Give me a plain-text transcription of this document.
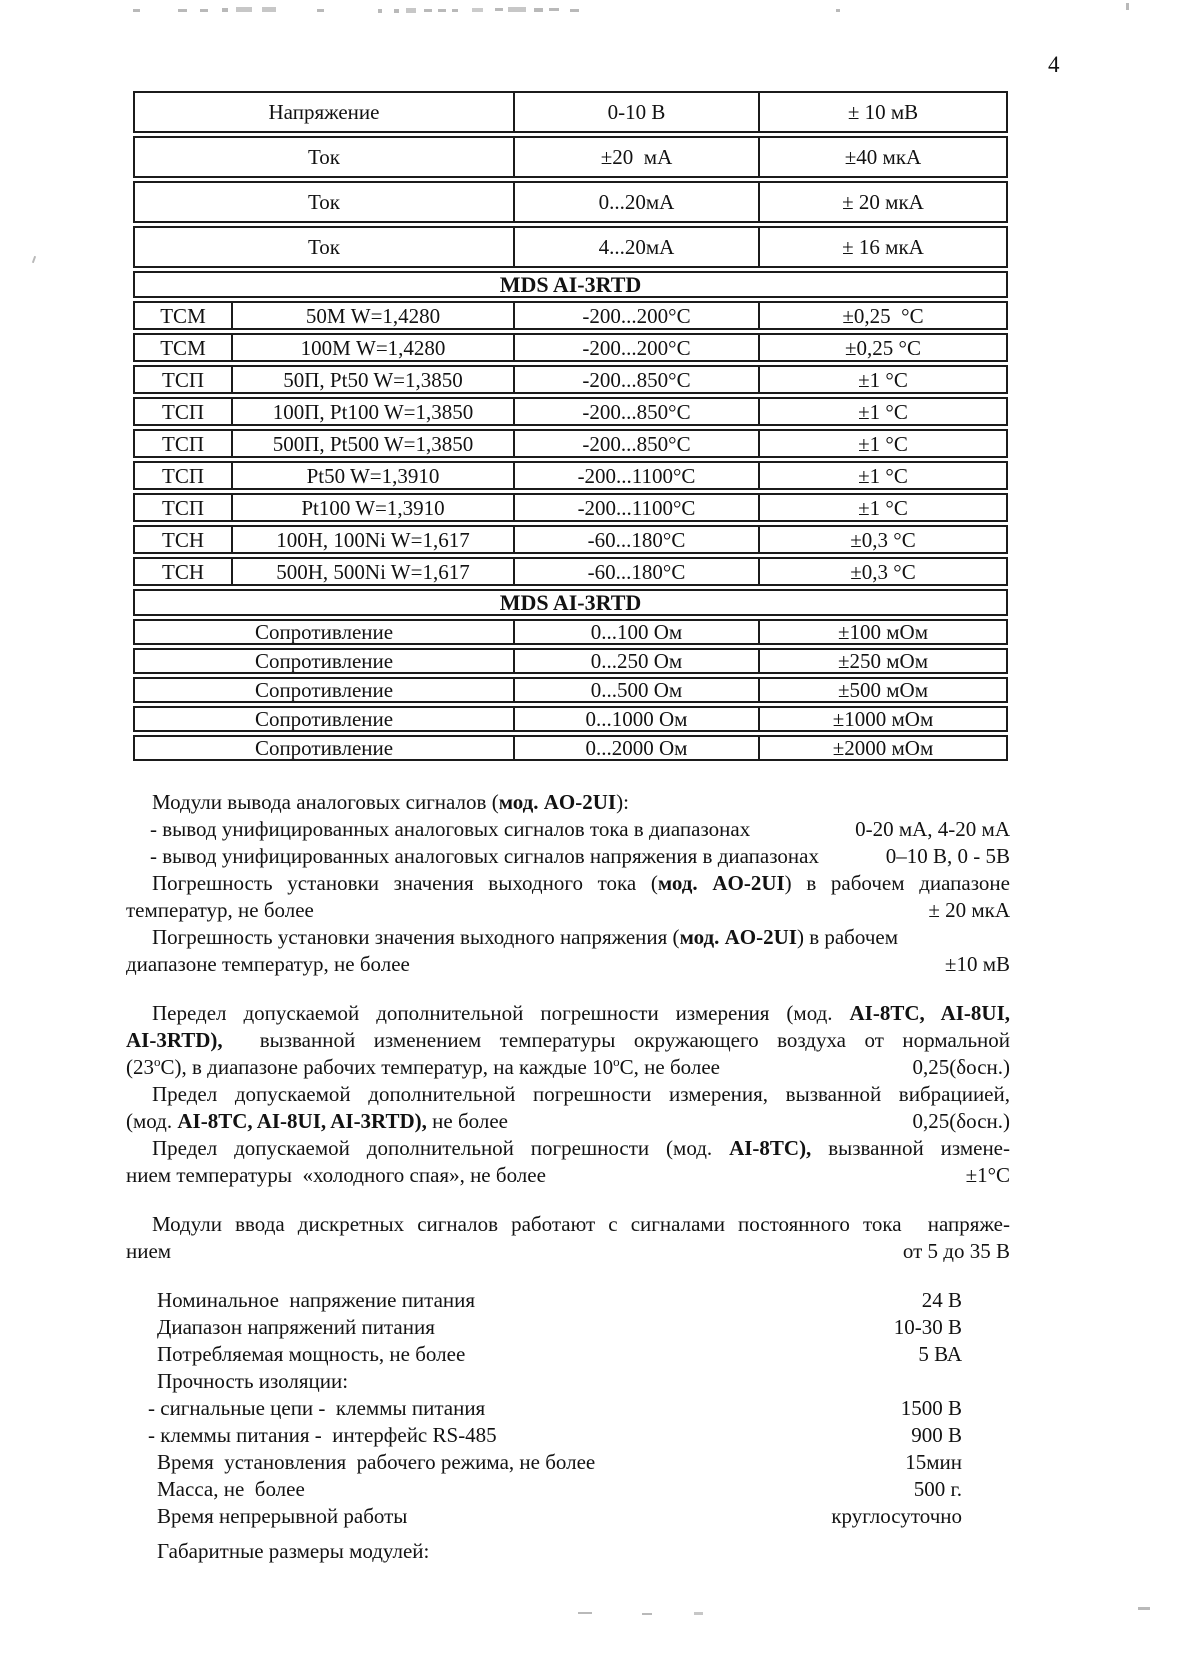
4
Напряжение		0-10 В	± 10 мВ
Ток		±20  мА	±40 мкА
Ток		0...20мА	± 20 мкА
Ток		4...20мА	± 16 мкА
MDS AI-3RTD			
ТСМ	50М W=1,4280	-200...200°С	±0,25  °С
ТСМ	100М W=1,4280	-200...200°С	±0,25 °С
ТСП	50П, Pt50 W=1,3850	-200...850°С	±1 °С
ТСП	100П, Pt100 W=1,3850	-200...850°С	±1 °С
ТСП	500П, Pt500 W=1,3850	-200...850°С	±1 °С
ТСП	Pt50 W=1,3910	-200...1100°С	±1 °С
ТСП	Pt100 W=1,3910	-200...1100°С	±1 °С
ТСН	100Н, 100Ni W=1,617	-60...180°С	±0,3 °С
ТСН	500Н, 500Ni W=1,617	-60...180°С	±0,3 °С
MDS AI-3RTD			
Сопротивление		0...100 Ом	±100 мОм
Сопротивление		0...250 Ом	±250 мОм
Сопротивление		0...500 Ом	±500 мОм
Сопротивление		0...1000 Ом	±1000 мОм
Сопротивление		0...2000 Ом	±2000 мОм
Модули вывода аналоговых сигналов (мод. AO-2UI):
- вывод унифицированных аналоговых сигналов тока в диапазонах	0-20 мА, 4-20 мА
- вывод унифицированных аналоговых сигналов напряжения в диапазонах	0–10 В, 0 - 5В
Погрешность установки значения выходного тока (мод. AO-2UI) в рабочем диапазоне
температур, не более	± 20 мкА
Погрешность установки значения выходного напряжения (мод. AO-2UI) в рабочем
диапазоне температур, не более	±10 мВ
Передел допускаемой дополнительной погрешности измерения (мод. AI-8TC, AI-8UI,
AI-3RTD),  вызванной изменением температуры окружающего воздуха от нормальной
$(23^оС)$, в диапазоне рабочих температур, на каждые $10^оС$, не более	0,25(δосн.)
Предел допускаемой дополнительной погрешности измерения, вызванной вибрациией,
(мод. AI-8TC, AI-8UI, AI-3RTD), не более	0,25(δосн.)
Предел допускаемой дополнительной погрешности (мод. AI-8TC), вызванной измене-
нием температуры  «холодного спая», не более	±1°С
Модули ввода дискретных сигналов работают с сигналами постоянного тока  напряже-
нием	от 5 до 35 В
Номинальное  напряжение питания	24 В
Диапазон напряжений питания	10-30 В
Потребляемая мощность, не более	5 ВА
Прочность изоляции:
- сигнальные цепи -  клеммы питания	1500 В
- клеммы питания -  интерфейс RS-485	900 В
Время  установления  рабочего режима, не более	15мин
Масса, не  более	500 г.
Время непрерывной работы	круглосуточно
Габаритные размеры модулей:
